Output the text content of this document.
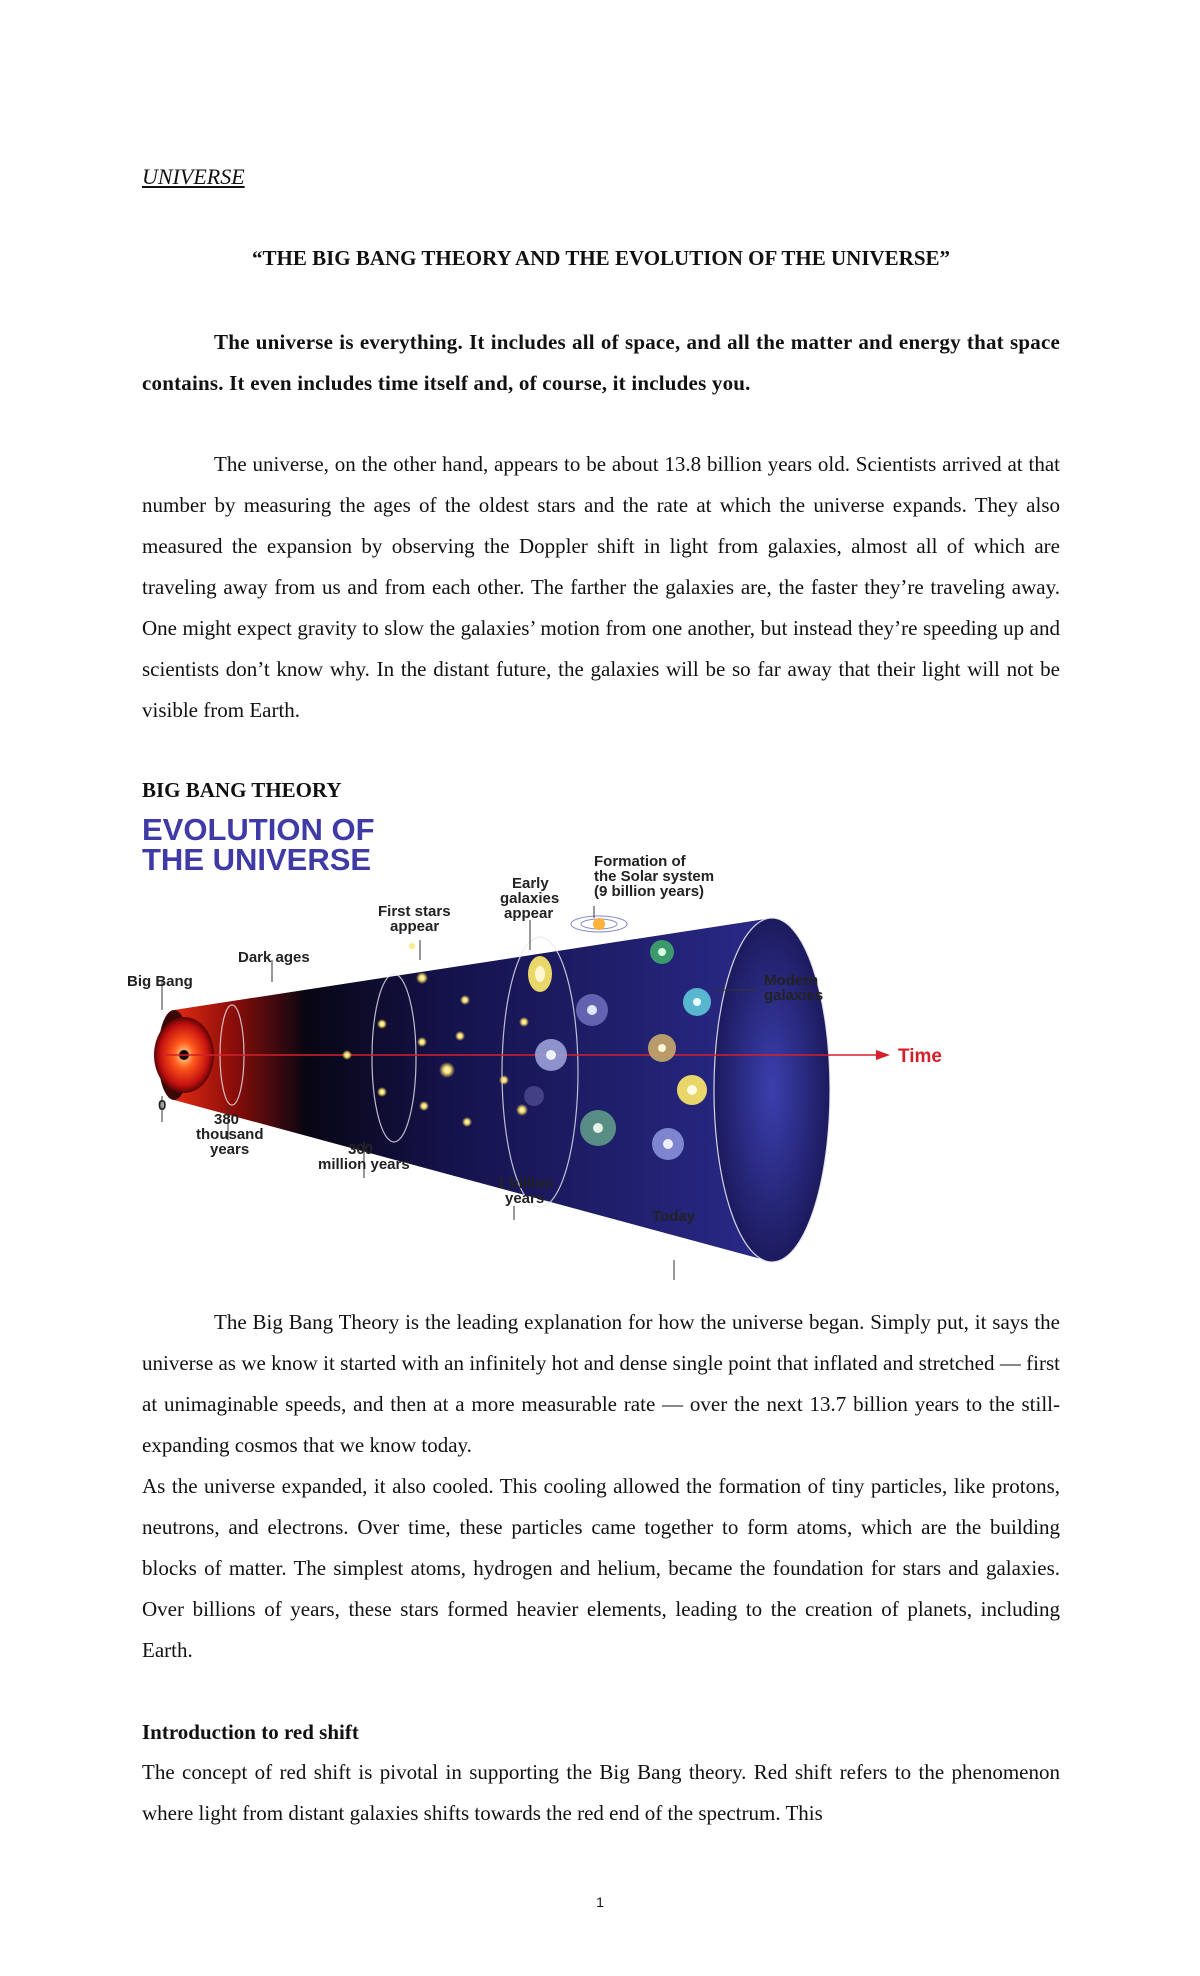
UNIVERSE
“THE BIG BANG THEORY AND THE EVOLUTION OF THE UNIVERSE”

The universe is everything. It includes all of space, and all the matter and energy that space contains. It even includes time itself and, of course, it includes you.

The universe, on the other hand, appears to be about 13.8 billion years old. Scientists arrived at that number by measuring the ages of the oldest stars and the rate at which the universe expands. They also measured the expansion by observing the Doppler shift in light from galaxies, almost all of which are traveling away from us and from each other. The farther the galaxies are, the faster they’re traveling away. One might expect gravity to slow the galaxies’ motion from one another, but instead they’re speeding up and scientists don’t know why. In the distant future, the galaxies will be so far away that their light will not be visible from Earth.

BIG BANG THEORY
EVOLUTION OF
THE UNIVERSE
Time
Big Bang
Dark ages
First stars
appear
Early
galaxies
appear
Formation of
the Solar system
(9 billion years)
Modern
galaxies
0
380
thousand
years	300
million years
1 billion
years
Today

The Big Bang Theory is the leading explanation for how the universe began. Simply put, it says the universe as we know it started with an infinitely hot and dense single point that inflated and stretched — first at unimaginable speeds, and then at a more measurable rate — over the next 13.7 billion years to the still-expanding cosmos that we know today.

As the universe expanded, it also cooled. This cooling allowed the formation of tiny particles, like protons, neutrons, and electrons. Over time, these particles came together to form atoms, which are the building blocks of matter. The simplest atoms, hydrogen and helium, became the foundation for stars and galaxies. Over billions of years, these stars formed heavier elements, leading to the creation of planets, including Earth.

Introduction to red shift

The concept of red shift is pivotal in supporting the Big Bang theory. Red shift refers to the phenomenon where light from distant galaxies shifts towards the red end of the spectrum. This

1
